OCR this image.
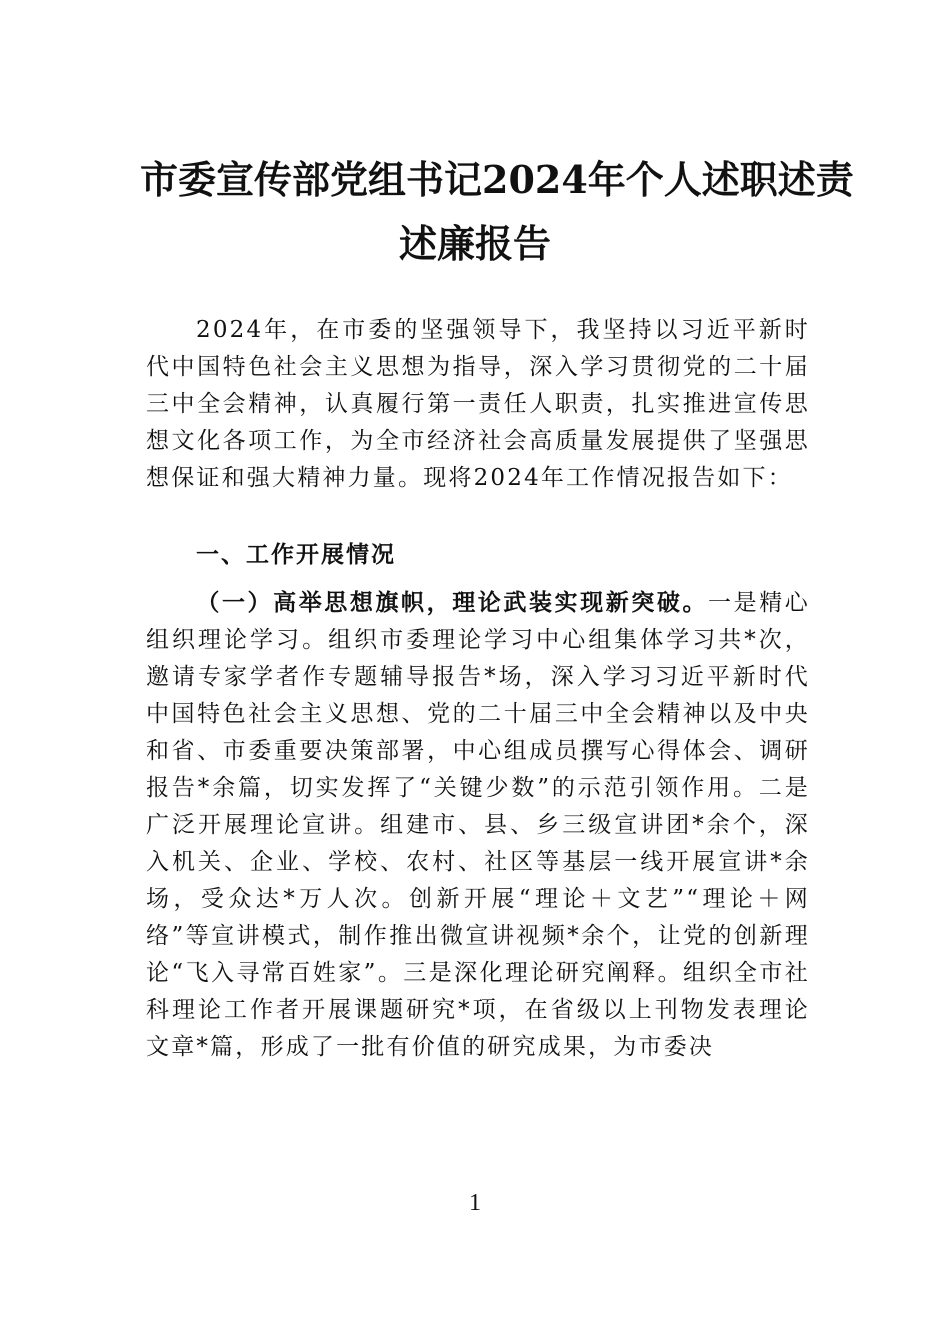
市委宣传部党组书记2024年个人述职述责
述廉报告

2024年，在市委的坚强领导下，我坚持以习近平新时代中国特色社会主义思想为指导，深入学习贯彻党的二十届三中全会精神，认真履行第一责任人职责，扎实推进宣传思想文化各项工作，为全市经济社会高质量发展提供了坚强思想保证和强大精神力量。现将2024年工作情况报告如下：

一、工作开展情况

（一）高举思想旗帜，理论武装实现新突破。一是精心组织理论学习。组织市委理论学习中心组集体学习共*次，邀请专家学者作专题辅导报告*场，深入学习习近平新时代中国特色社会主义思想、党的二十届三中全会精神以及中央和省、市委重要决策部署，中心组成员撰写心得体会、调研报告*余篇，切实发挥了“关键少数”的示范引领作用。二是广泛开展理论宣讲。组建市、县、乡三级宣讲团*余个，深入机关、企业、学校、农村、社区等基层一线开展宣讲*余场，受众达*万人次。创新开展“理论＋文艺”“理论＋网络”等宣讲模式，制作推出微宣讲视频*余个，让党的创新理论“飞入寻常百姓家”。三是深化理论研究阐释。组织全市社科理论工作者开展课题研究*项，在省级以上刊物发表理论文章*篇，形成了一批有价值的研究成果，为市委决

1
